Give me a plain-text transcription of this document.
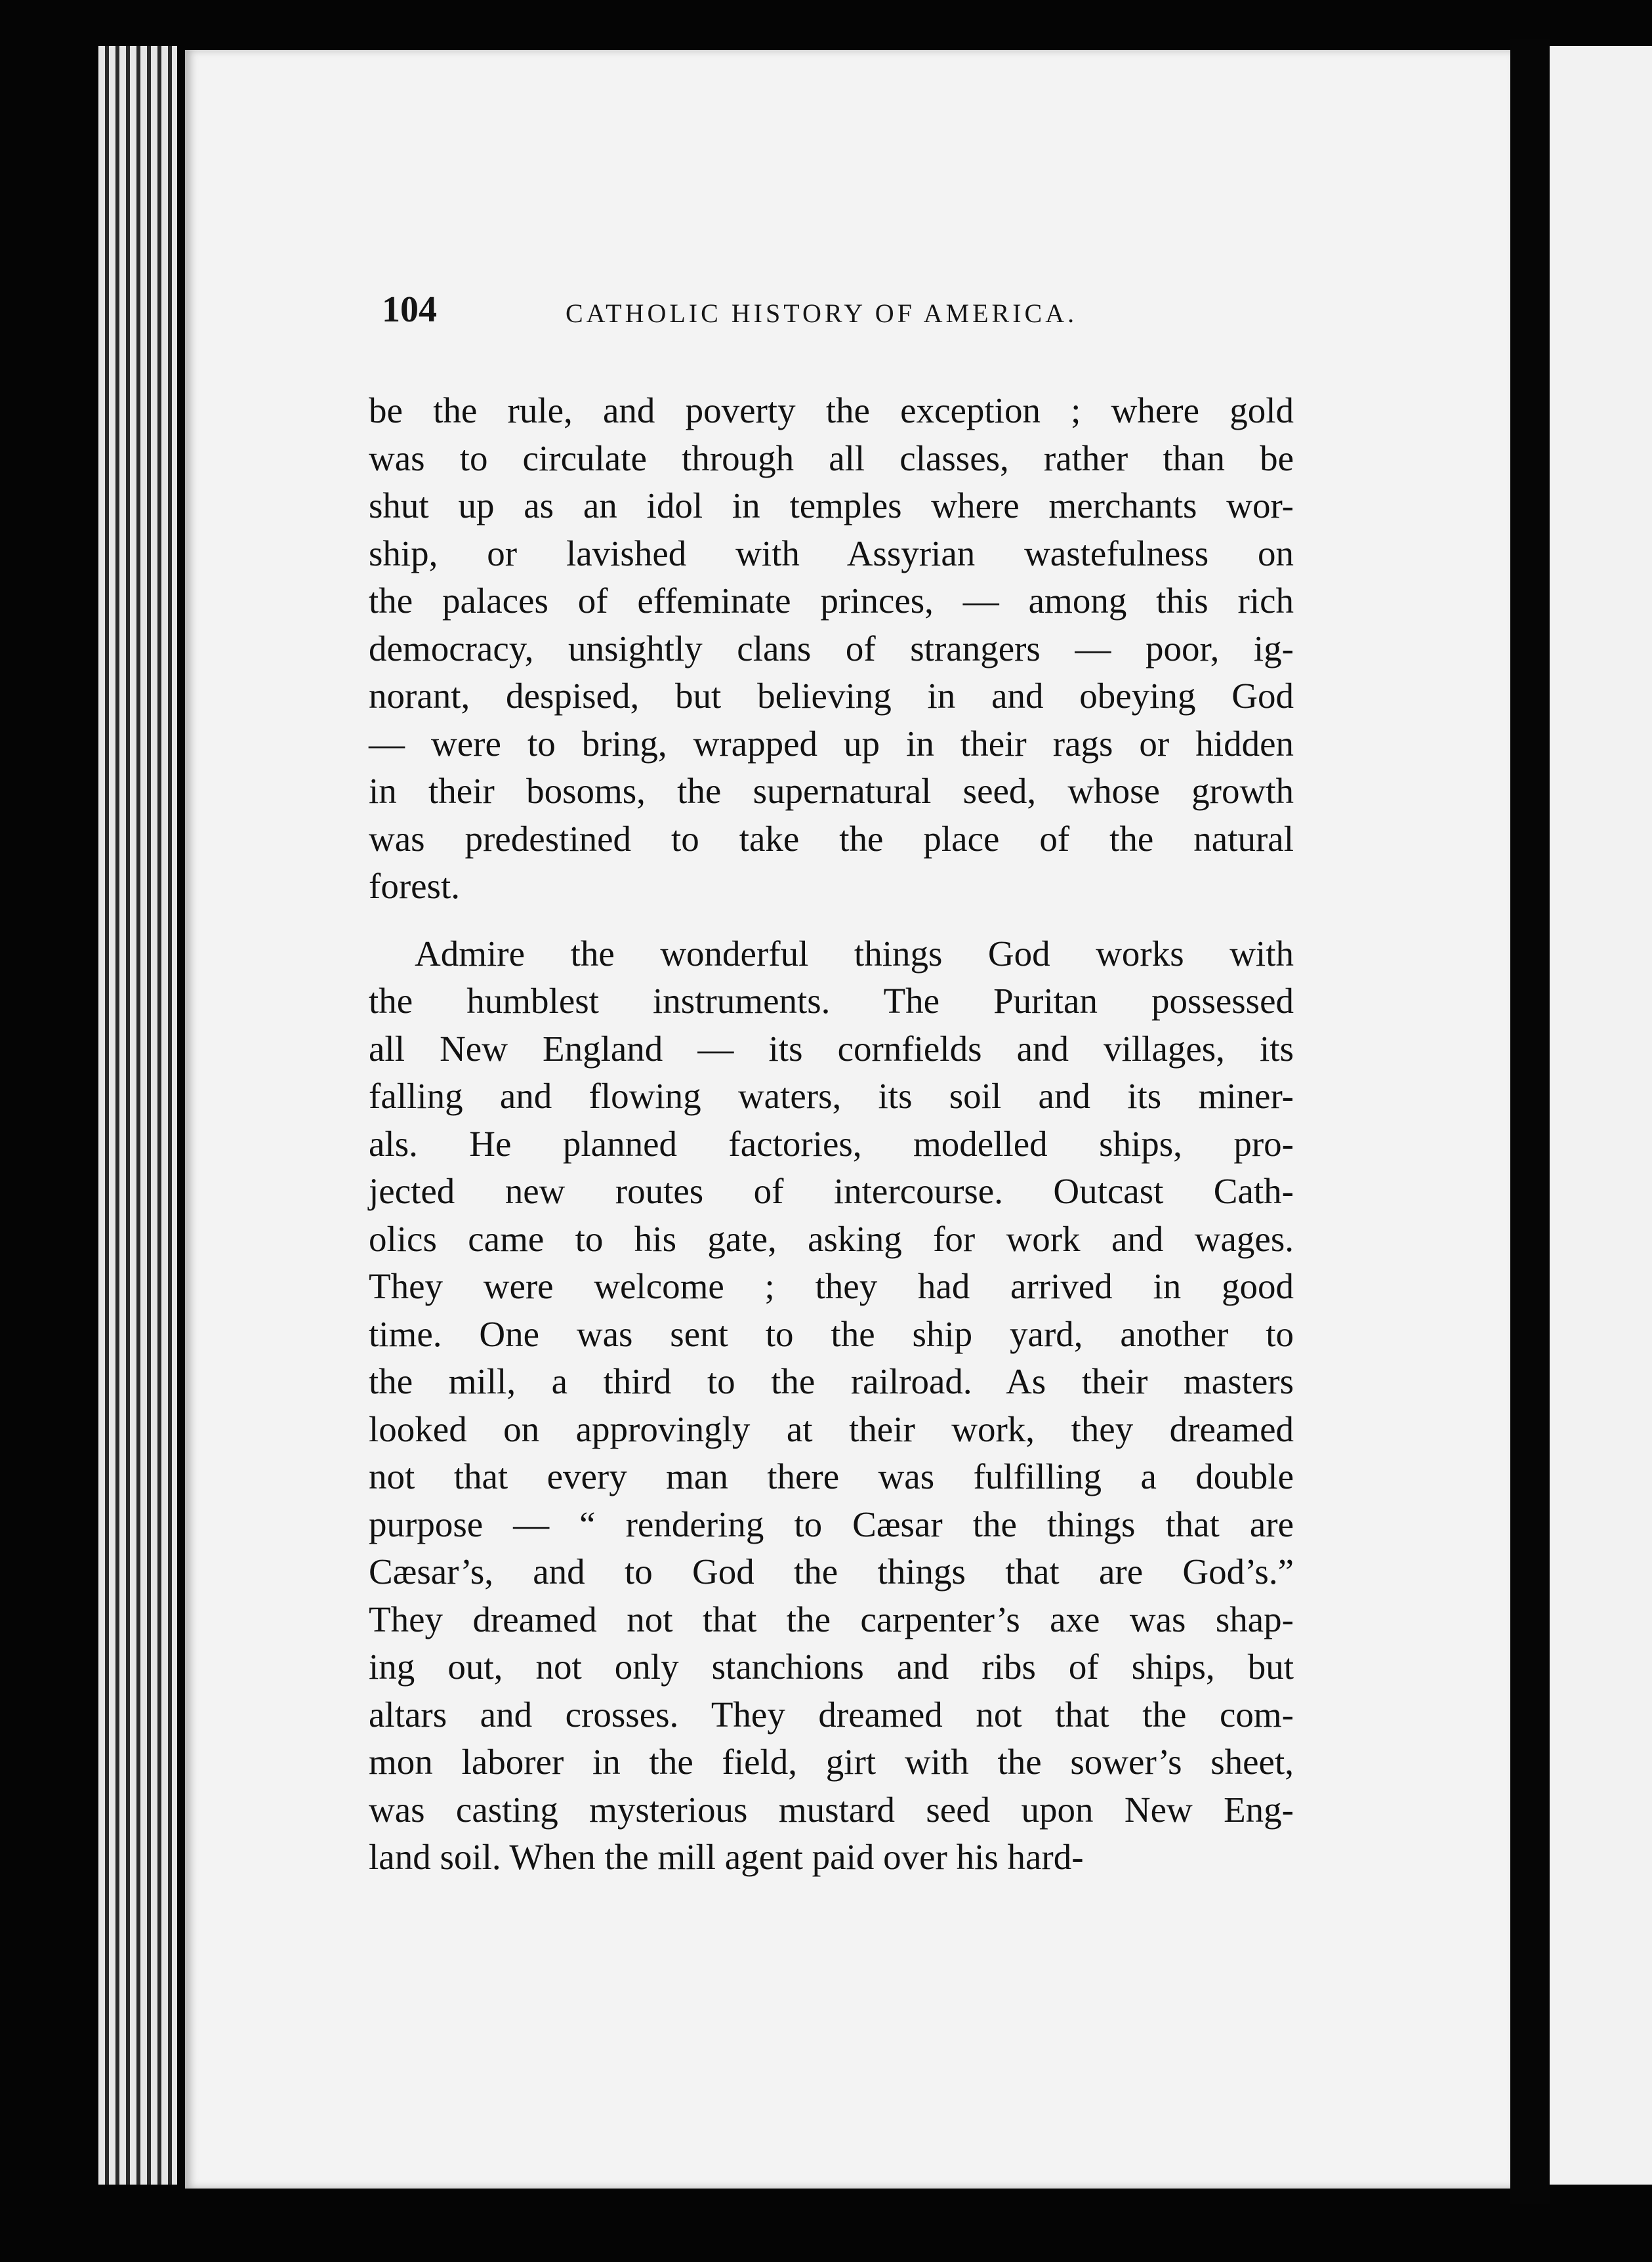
104	CATHOLIC HISTORY OF AMERICA.
be the rule, and poverty the exception ; where gold
was to circulate through all classes, rather than be
shut up as an idol in temples where merchants wor-
ship, or lavished with Assyrian wastefulness on
the palaces of effeminate princes, — among this rich
democracy, unsightly clans of strangers — poor, ig-
norant, despised, but believing in and obeying God
— were to bring, wrapped up in their rags or hidden
in their bosoms, the supernatural seed, whose growth
was predestined to take the place of the natural
forest.
Admire the wonderful things God works with
the humblest instruments. The Puritan possessed
all New England — its cornfields and villages, its
falling and flowing waters, its soil and its miner-
als. He planned factories, modelled ships, pro-
jected new routes of intercourse. Outcast Cath-
olics came to his gate, asking for work and wages.
They were welcome ; they had arrived in good
time. One was sent to the ship yard, another to
the mill, a third to the railroad. As their masters
looked on approvingly at their work, they dreamed
not that every man there was fulfilling a double
purpose — “ rendering to Cæsar the things that are
Cæsar’s, and to God the things that are God’s.”
They dreamed not that the carpenter’s axe was shap-
ing out, not only stanchions and ribs of ships, but
altars and crosses. They dreamed not that the com-
mon laborer in the field, girt with the sower’s sheet,
was casting mysterious mustard seed upon New Eng-
land soil. When the mill agent paid over his hard-
